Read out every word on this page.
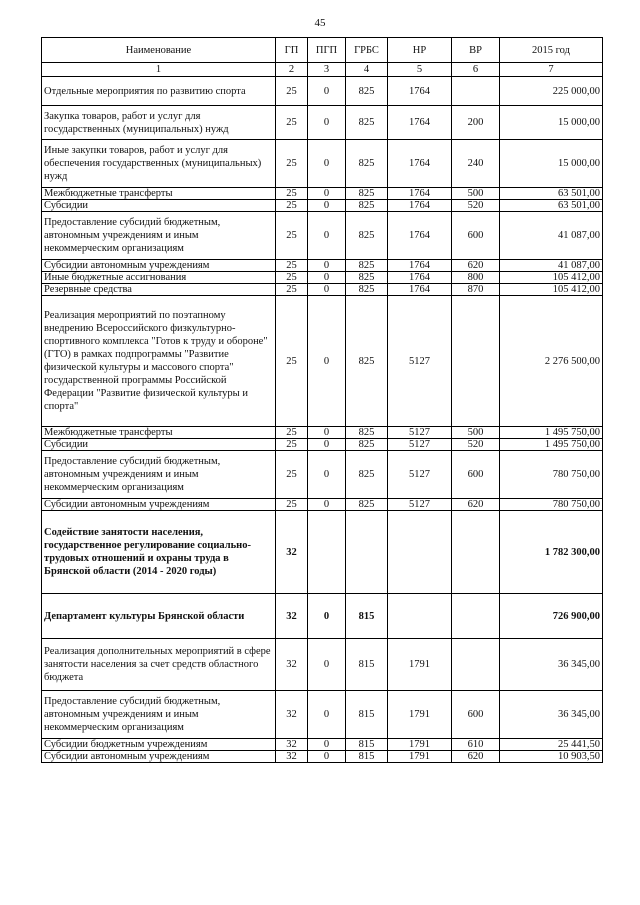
45
Наименование	ГП	ПГП	ГРБС	НР	ВР	2015 год
1	2	3	4	5	6	7
Отдельные мероприятия по развитию спорта	25	0	825	1764		225 000,00
Закупка товаров, работ и услуг для государственных (муниципальных) нужд	25	0	825	1764	200	15 000,00
Иные закупки товаров, работ и услуг для обеспечения государственных (муниципальных) нужд	25	0	825	1764	240	15 000,00
Межбюджетные трансферты	25	0	825	1764	500	63 501,00
Субсидии	25	0	825	1764	520	63 501,00
Предоставление субсидий бюджетным, автономным учреждениям и иным некоммерческим организациям	25	0	825	1764	600	41 087,00
Субсидии автономным учреждениям	25	0	825	1764	620	41 087,00
Иные бюджетные ассигнования	25	0	825	1764	800	105 412,00
Резервные средства	25	0	825	1764	870	105 412,00
Реализация мероприятий по поэтапному внедрению Всероссийского физкультурно-спортивного комплекса "Готов к труду и обороне" (ГТО) в рамках подпрограммы "Развитие физической культуры и массового спорта" государственной программы Российской Федерации "Развитие физической культуры и спорта"	25	0	825	5127		2 276 500,00
Межбюджетные трансферты	25	0	825	5127	500	1 495 750,00
Субсидии	25	0	825	5127	520	1 495 750,00
Предоставление субсидий бюджетным, автономным учреждениям и иным некоммерческим организациям	25	0	825	5127	600	780 750,00
Субсидии автономным учреждениям	25	0	825	5127	620	780 750,00
Содействие занятости населения, государственное регулирование социально-трудовых отношений и охраны труда в Брянской области (2014 - 2020 годы)	32					1 782 300,00
Департамент культуры Брянской области	32	0	815			726 900,00
Реализация дополнительных мероприятий в сфере занятости населения за счет средств областного бюджета	32	0	815	1791		36 345,00
Предоставление субсидий бюджетным, автономным учреждениям и иным некоммерческим организациям	32	0	815	1791	600	36 345,00
Субсидии бюджетным учреждениям	32	0	815	1791	610	25 441,50
Субсидии автономным учреждениям	32	0	815	1791	620	10 903,50
